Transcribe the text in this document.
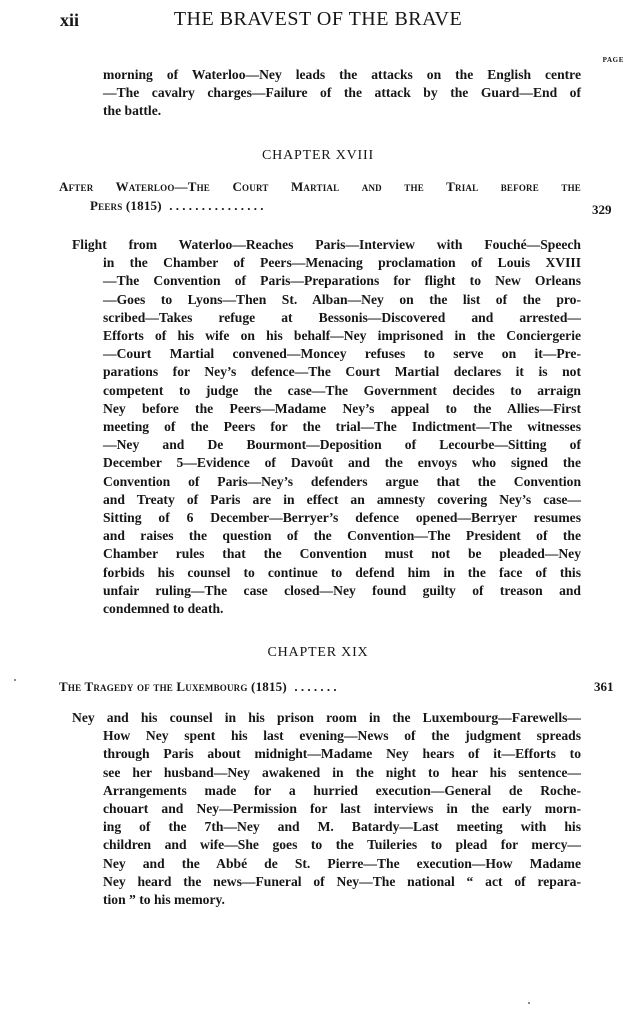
xii	THE BRAVEST OF THE BRAVE
PAGE
morning of Waterloo—Ney leads the attacks on the English centre
—The cavalry charges—Failure of the attack by the Guard—End of
the battle.
CHAPTER XVIII
After Waterloo—The Court Martial and the Trial before the
Peers (1815) . . . . . . . . . . . . . . .	329
Flight from Waterloo—Reaches Paris—Interview with Fouché—Speech
in the Chamber of Peers—Menacing proclamation of Louis XVIII
—The Convention of Paris—Preparations for flight to New Orleans
—Goes to Lyons—Then St. Alban—Ney on the list of the pro-
scribed—Takes refuge at Bessonis—Discovered and arrested—
Efforts of his wife on his behalf—Ney imprisoned in the Conciergerie
—Court Martial convened—Moncey refuses to serve on it—Pre-
parations for Ney’s defence—The Court Martial declares it is not
competent to judge the case—The Government decides to arraign
Ney before the Peers—Madame Ney’s appeal to the Allies—First
meeting of the Peers for the trial—The Indictment—The witnesses
—Ney and De Bourmont—Deposition of Lecourbe—Sitting of
December 5—Evidence of Davoût and the envoys who signed the
Convention of Paris—Ney’s defenders argue that the Convention
and Treaty of Paris are in effect an amnesty covering Ney’s case—
Sitting of 6 December—Berryer’s defence opened—Berryer resumes
and raises the question of the Convention—The President of the
Chamber rules that the Convention must not be pleaded—Ney
forbids his counsel to continue to defend him in the face of this
unfair ruling—The case closed—Ney found guilty of treason and
condemned to death.
CHAPTER XIX
The Tragedy of the Luxembourg (1815) . . . . . . .	361
Ney and his counsel in his prison room in the Luxembourg—Farewells—
How Ney spent his last evening—News of the judgment spreads
through Paris about midnight—Madame Ney hears of it—Efforts to
see her husband—Ney awakened in the night to hear his sentence—
Arrangements made for a hurried execution—General de Roche-
chouart and Ney—Permission for last interviews in the early morn-
ing of the 7th—Ney and M. Batardy—Last meeting with his
children and wife—She goes to the Tuileries to plead for mercy—
Ney and the Abbé de St. Pierre—The execution—How Madame
Ney heard the news—Funeral of Ney—The national “ act of repara-
tion ” to his memory.
